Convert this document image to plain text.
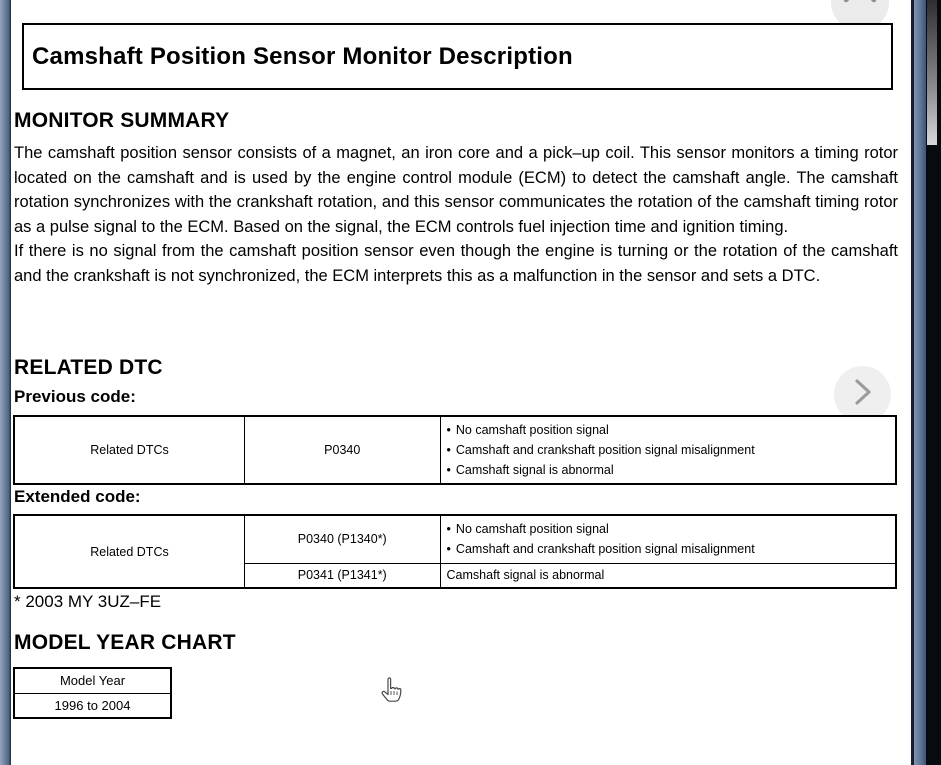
Camshaft Position Sensor Monitor Description
MONITOR SUMMARY

The camshaft position sensor consists of a magnet, an iron core and a pick–up coil. This sensor monitors a timing rotor located on the camshaft and is used by the engine control module (ECM) to detect the camshaft angle. The camshaft rotation synchronizes with the crankshaft rotation, and this sensor communicates the rotation of the camshaft timing rotor as a pulse signal to the ECM. Based on the signal, the ECM controls fuel injection time and ignition timing.

If there is no signal from the camshaft position sensor even though the engine is turning or the rotation of the camshaft and the crankshaft is not synchronized, the ECM interprets this as a malfunction in the sensor and sets a DTC.

RELATED DTC
Previous code:
Related DTCs	P0340	
• No camshaft position signal
• Camshaft and crankshaft position signal misalignment
• Camshaft signal is abnormal
Extended code:
Related DTCs	P0340 (P1340*)	• No camshaft position signal
• Camshaft and crankshaft position signal misalignment

	P0341 (P1341*)	Camshaft signal is abnormal
* 2003 MY 3UZ–FE
MODEL YEAR CHART
Model Year
1996 to 2004
